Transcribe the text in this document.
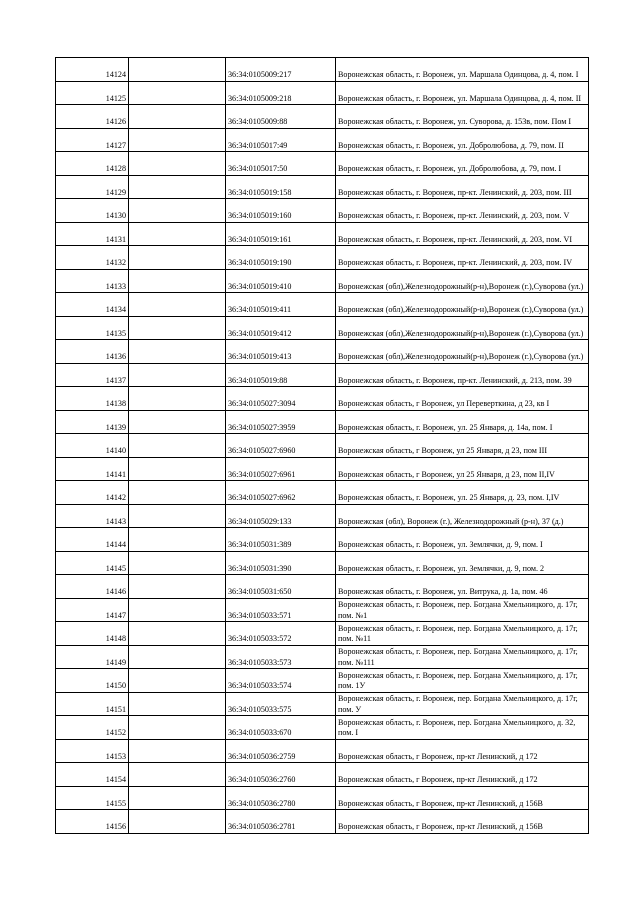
14124		36:34:0105009:217	Воронежская область, г. Воронеж, ул. Маршала Одинцова, д. 4, пом. I
14125		36:34:0105009:218	Воронежская область, г. Воронеж, ул. Маршала Одинцова, д. 4, пом. II
14126		36:34:0105009:88	Воронежская область, г. Воронеж, ул. Суворова, д. 153в, пом. Пом I
14127		36:34:0105017:49	Воронежская область, г. Воронеж, ул. Добролюбова, д. 79, пом. II
14128		36:34:0105017:50	Воронежская область, г. Воронеж, ул. Добролюбова, д. 79, пом. I
14129		36:34:0105019:158	Воронежская область, г. Воронеж, пр-кт. Ленинский, д. 203, пом. III
14130		36:34:0105019:160	Воронежская область, г. Воронеж, пр-кт. Ленинский, д. 203, пом. V
14131		36:34:0105019:161	Воронежская область, г. Воронеж, пр-кт. Ленинский, д. 203, пом. VI
14132		36:34:0105019:190	Воронежская область, г. Воронеж, пр-кт. Ленинский, д. 203, пом. IV
14133		36:34:0105019:410	Воронежская (обл),Железнодорожный(р-н),Воронеж (г.),Суворова (ул.)
14134		36:34:0105019:411	Воронежская (обл),Железнодорожный(р-н),Воронеж (г.),Суворова (ул.)
14135		36:34:0105019:412	Воронежская (обл),Железнодорожный(р-н),Воронеж (г.),Суворова (ул.)
14136		36:34:0105019:413	Воронежская (обл),Железнодорожный(р-н),Воронеж (г.),Суворова (ул.)
14137		36:34:0105019:88	Воронежская область, г. Воронеж, пр-кт. Ленинский, д. 213, пом. 39
14138		36:34:0105027:3094	Воронежская область, г Воронеж, ул Переверткина, д 23, кв I
14139		36:34:0105027:3959	Воронежская область, г. Воронеж, ул. 25 Января, д. 14а, пом. I
14140		36:34:0105027:6960	Воронежская область, г Воронеж, ул 25 Января, д 23, пом III
14141		36:34:0105027:6961	Воронежская область, г Воронеж, ул 25 Января, д 23, пом II,IV
14142		36:34:0105027:6962	Воронежская область, г. Воронеж, ул. 25 Января, д. 23, пом. I,IV
14143		36:34:0105029:133	Воронежская (обл), Воронеж (г.), Железнодорожный (р-н), 37 (д.)
14144		36:34:0105031:389	Воронежская область, г. Воронеж, ул. Землячки, д. 9, пом. I
14145		36:34:0105031:390	Воронежская область, г. Воронеж, ул. Землячки, д. 9, пом. 2
14146		36:34:0105031:650	Воронежская область, г. Воронеж, ул. Витрука, д. 1а, пом. 46
14147		36:34:0105033:571	Воронежская область, г. Воронеж, пер. Богдана Хмельницкого, д. 17г, пом. №1
14148		36:34:0105033:572	Воронежская область, г. Воронеж, пер. Богдана Хмельницкого, д. 17г, пом. №11
14149		36:34:0105033:573	Воронежская область, г. Воронеж, пер. Богдана Хмельницкого, д. 17г, пом. №111
14150		36:34:0105033:574	Воронежская область, г. Воронеж, пер. Богдана Хмельницкого, д. 17г, пом. 1У
14151		36:34:0105033:575	Воронежская область, г. Воронеж, пер. Богдана Хмельницкого, д. 17г, пом. У
14152		36:34:0105033:670	Воронежская область, г. Воронеж, пер. Богдана Хмельницкого, д. 32, пом. I
14153		36:34:0105036:2759	Воронежская область, г Воронеж, пр-кт Ленинский, д 172
14154		36:34:0105036:2760	Воронежская область, г Воронеж, пр-кт Ленинский, д 172
14155		36:34:0105036:2780	Воронежская область, г Воронеж, пр-кт Ленинский, д 156В
14156		36:34:0105036:2781	Воронежская область, г Воронеж, пр-кт Ленинский, д 156В
